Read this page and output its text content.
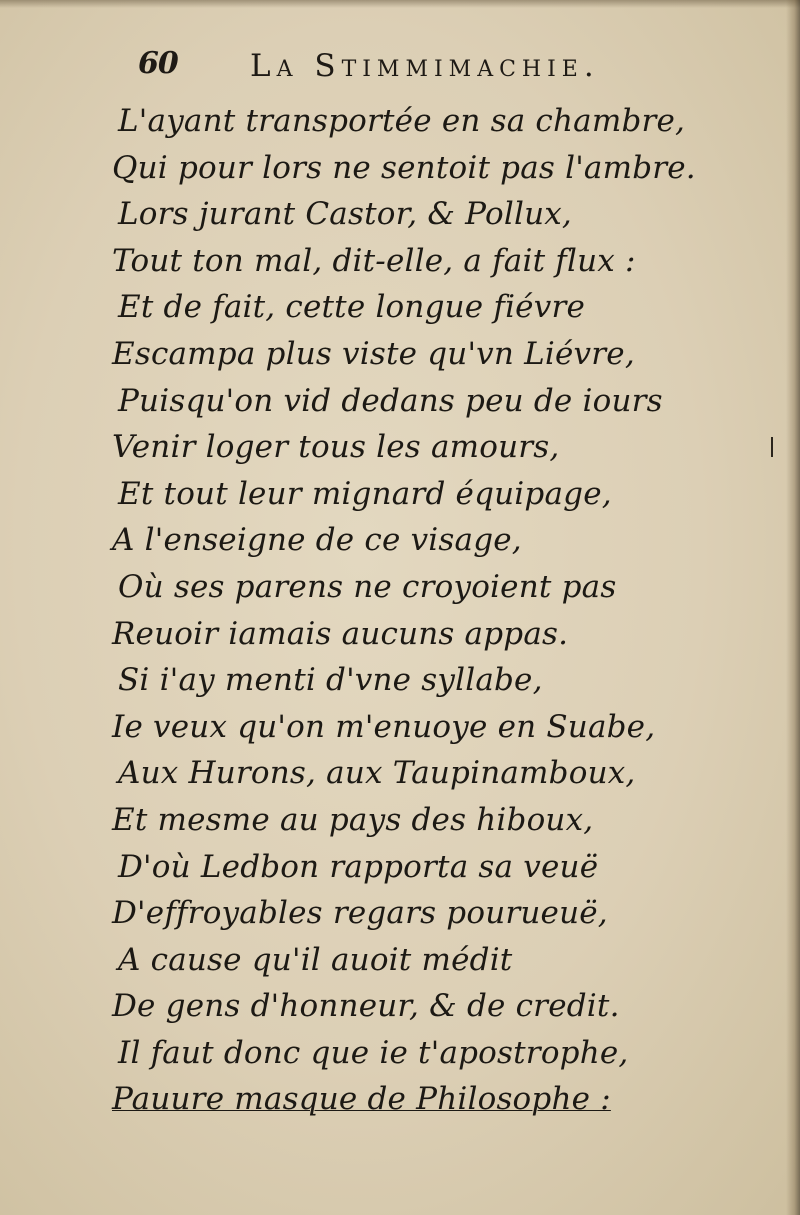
60 La Stimmimachie.
L'ayant transportée en sa chambre,
Qui pour lors ne sentoit pas l'ambre.
Lors jurant Castor, & Pollux,
Tout ton mal, dit-elle, a fait flux :
Et de fait, cette longue fiévre
Escampa plus viste qu'vn Liévre,
Puisqu'on vid dedans peu de iours
Venir loger tous les amours,
Et tout leur mignard équipage,
A l'enseigne de ce visage,
Où ses parens ne croyoient pas
Reuoir iamais aucuns appas.
Si i'ay menti d'vne syllabe,
Ie veux qu'on m'enuoye en Suabe,
Aux Hurons, aux Taupinamboux,
Et mesme au pays des hiboux,
D'où Ledbon rapporta sa veuë
D'effroyables regars pourueuë,
A cause qu'il auoit médit
De gens d'honneur, & de credit.
Il faut donc que ie t'apostrophe,
Pauure masque de Philosophe :
